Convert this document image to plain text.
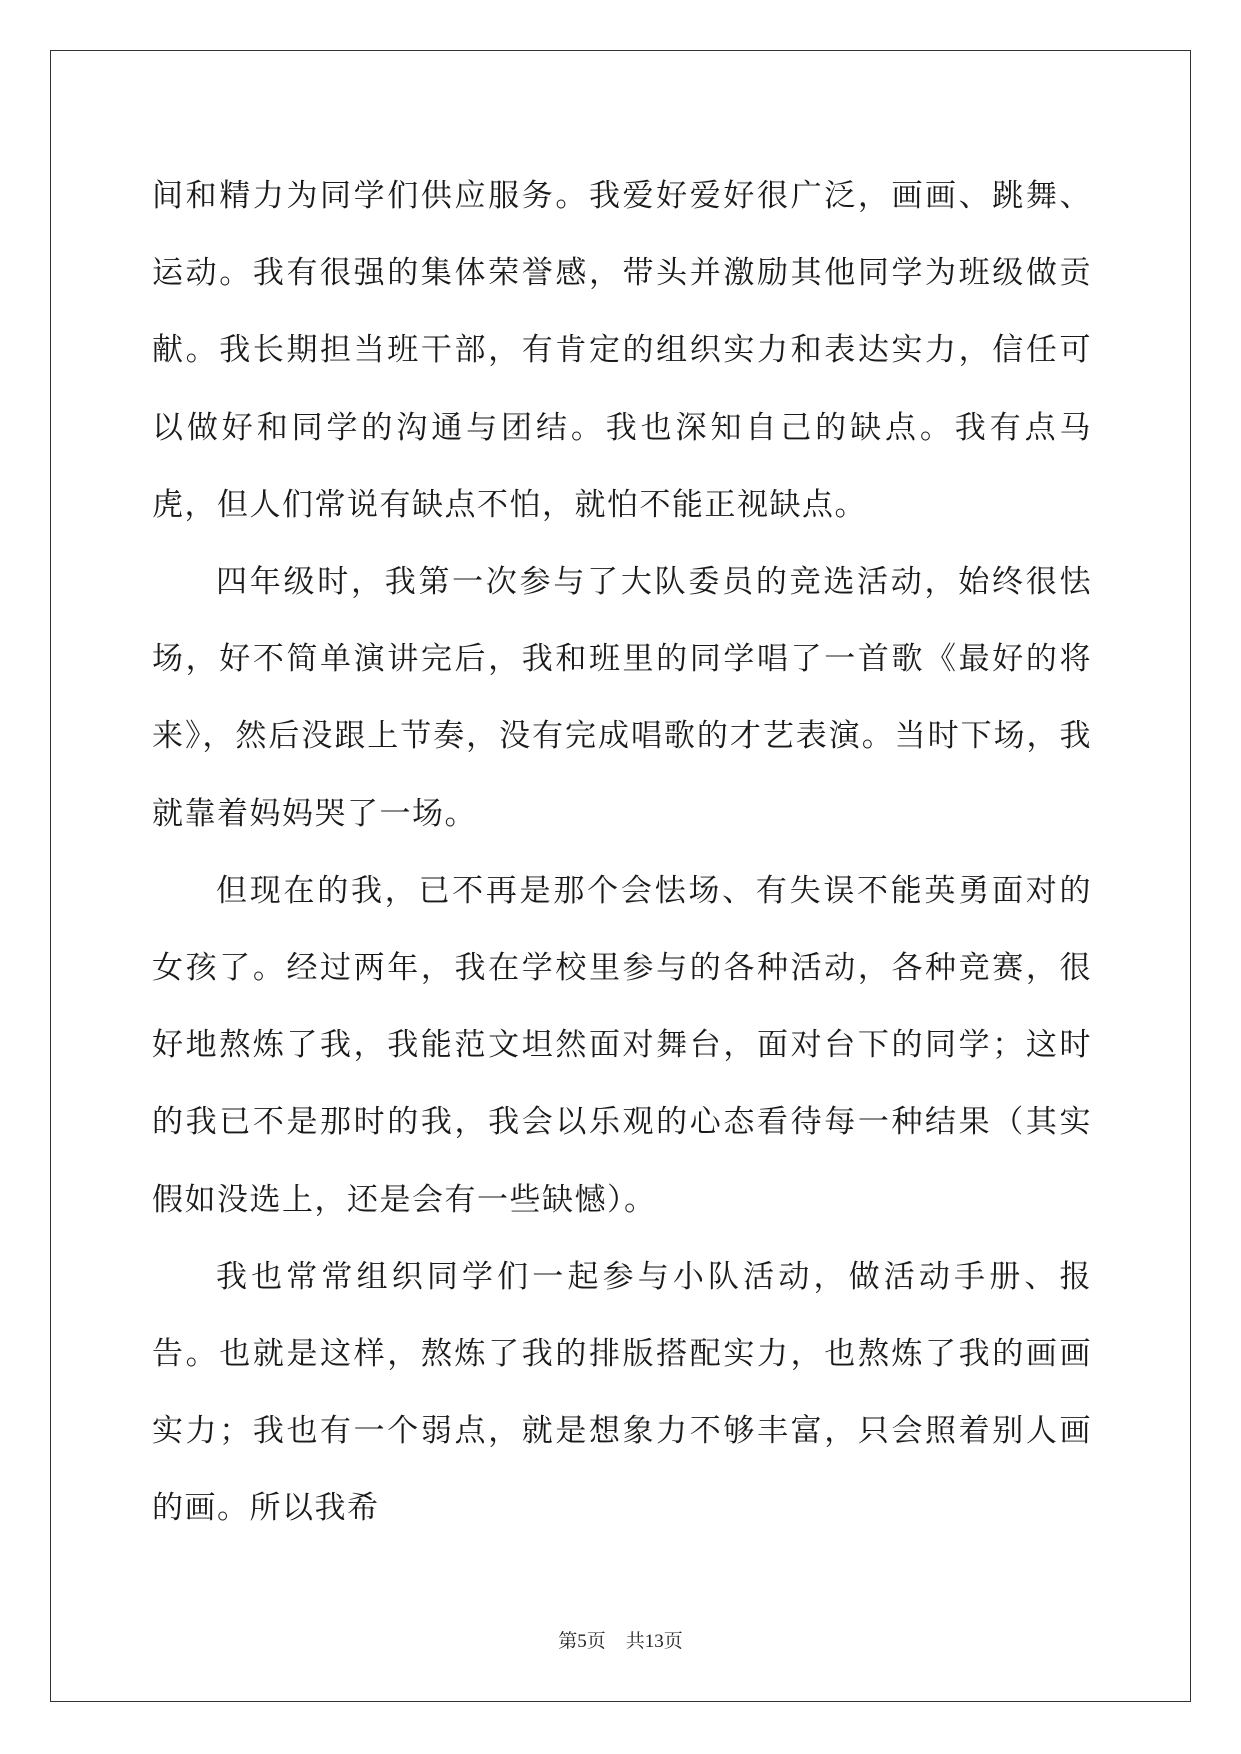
间和精力为同学们供应服务。我爱好爱好很广泛，画画、跳舞、运动。我有很强的集体荣誉感，带头并激励其他同学为班级做贡献。我长期担当班干部，有肯定的组织实力和表达实力，信任可以做好和同学的沟通与团结。我也深知自己的缺点。我有点马虎，但人们常说有缺点不怕，就怕不能正视缺点。

四年级时，我第一次参与了大队委员的竞选活动，始终很怯场，好不简单演讲完后，我和班里的同学唱了一首歌《最好的将来》，然后没跟上节奏，没有完成唱歌的才艺表演。当时下场，我就靠着妈妈哭了一场。

但现在的我，已不再是那个会怯场、有失误不能英勇面对的女孩了。经过两年，我在学校里参与的各种活动，各种竞赛，很好地熬炼了我，我能范文坦然面对舞台，面对台下的同学；这时的我已不是那时的我，我会以乐观的心态看待每一种结果（其实假如没选上，还是会有一些缺憾）。

我也常常组织同学们一起参与小队活动，做活动手册、报告。也就是这样，熬炼了我的排版搭配实力，也熬炼了我的画画实力；我也有一个弱点，就是想象力不够丰富，只会照着别人画的画。所以我希

第5页 共13页
